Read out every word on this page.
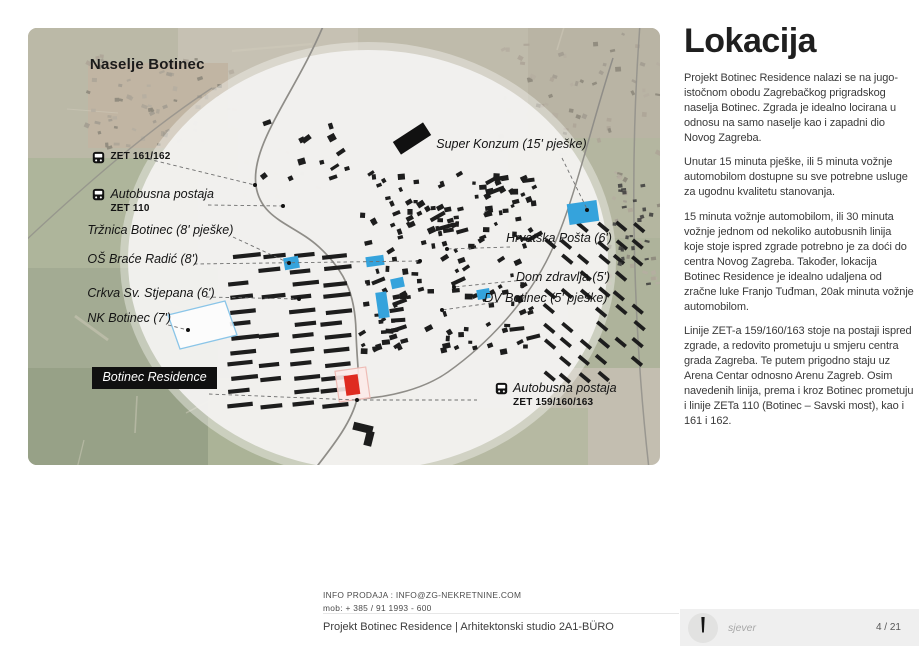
Naselje Botinec
ZET 161/162
Autobusna postaja
ZET 110
Tržnica Botinec (8' pješke)
OŠ Braće Radić (8')
Crkva Sv. Stjepana (6')
NK Botinec (7')
Botinec Residence
Super Konzum (15' pješke)
Hrvatska Pošta (6')
Dom zdravlja (5')
DV Botinec (5' pješke)
Autobusna postaja
ZET 159/160/163
Lokacija

Projekt Botinec Residence nalazi se na jugo-istočnom obodu Zagrebačkog prigradskog naselja Botinec. Zgrada je idealno locirana u odnosu na samo naselje kao i zapadni dio Novog Zagreba.

Unutar 15 minuta pješke, ili 5 minuta vožnje automobilom dostupne su sve potrebne usluge za ugodnu kvalitetu stanovanja.

15 minuta vožnje automobilom, ili 30 minuta vožnje jednom od nekoliko autobusnih linija koje stoje ispred zgrade potrebno je za doći do centra Novog Zagreba. Također, lokacija Botinec Residence je idealno udaljena od zračne luke Franjo Tuđman, 20ak minuta vožnje automobilom.

Linije ZET-a 159/160/163 stoje na postaji ispred zgrade, a redovito prometuju u smjeru centra grada Zagreba. Te putem prigodno staju uz Arena Centar odnosno Arenu Zagreb. Osim navedenih linija, prema i kroz Botinec prometuju i linije ZETa 110 (Botinec – Savski most), kao i 161 i 162.

INFO PRODAJA : INFO@ZG-NEKRETNINE.COM
mob: + 385 / 91 1993 - 600
Projekt Botinec Residence | Arhitektonski studio 2A1-BÜRO	sjever	4 / 21
